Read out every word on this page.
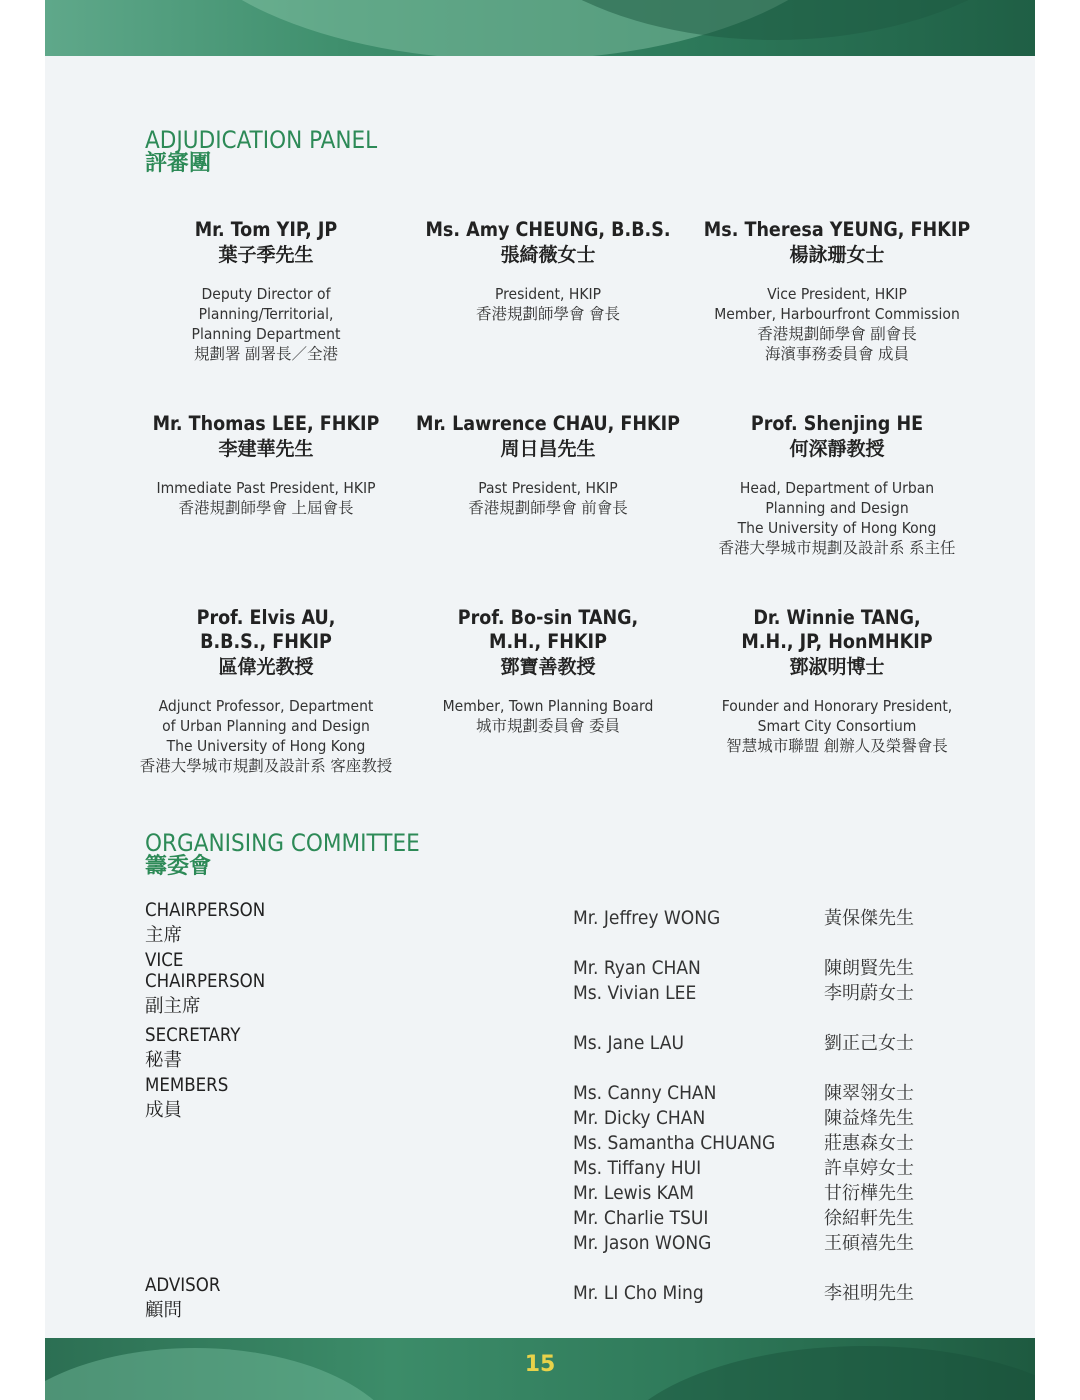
ADJUDICATION PANEL
評審團
Mr. Tom YIP, JP
葉子季先生
Deputy Director of
Planning/Territorial,
Planning Department
規劃署 副署長／全港
Ms. Amy CHEUNG, B.B.S.
張綺薇女士
President, HKIP
香港規劃師學會 會長
Ms. Theresa YEUNG, FHKIP
楊詠珊女士
Vice President, HKIP
Member, Harbourfront Commission
香港規劃師學會 副會長
海濱事務委員會 成員
Mr. Thomas LEE, FHKIP
李建華先生
Immediate Past President, HKIP
香港規劃師學會 上屆會長
Mr. Lawrence CHAU, FHKIP
周日昌先生
Past President, HKIP
香港規劃師學會 前會長
Prof. Shenjing HE
何深靜教授
Head, Department of Urban
Planning and Design
The University of Hong Kong
香港大學城市規劃及設計系 系主任
Prof. Elvis AU,
B.B.S., FHKIP
區偉光教授
Adjunct Professor, Department
of Urban Planning and Design
The University of Hong Kong
香港大學城市規劃及設計系 客座教授
Prof. Bo-sin TANG,
M.H., FHKIP
鄧寶善教授
Member, Town Planning Board
城市規劃委員會 委員
Dr. Winnie TANG,
M.H., JP, HonMHKIP
鄧淑明博士
Founder and Honorary President,
Smart City Consortium
智慧城市聯盟 創辦人及榮譽會長
ORGANISING COMMITTEE
籌委會
CHAIRPERSON 主席
Mr. Jeffrey WONG	黃保傑先生
VICE CHAIRPERSON 副主席
Mr. Ryan CHAN	陳朗賢先生
Ms. Vivian LEE	李明蔚女士
SECRETARY 秘書
Ms. Jane LAU	劉正己女士
MEMBERS 成員
Ms. Canny CHAN	陳翠翎女士
Mr. Dicky CHAN	陳益烽先生
Ms. Samantha CHUANG	莊惠森女士
Ms. Tiffany HUI	許卓婷女士
Mr. Lewis KAM	甘衍樺先生
Mr. Charlie TSUI	徐紹軒先生
Mr. Jason WONG	王碩禧先生
ADVISOR 顧問
Mr. LI Cho Ming	李祖明先生
15
